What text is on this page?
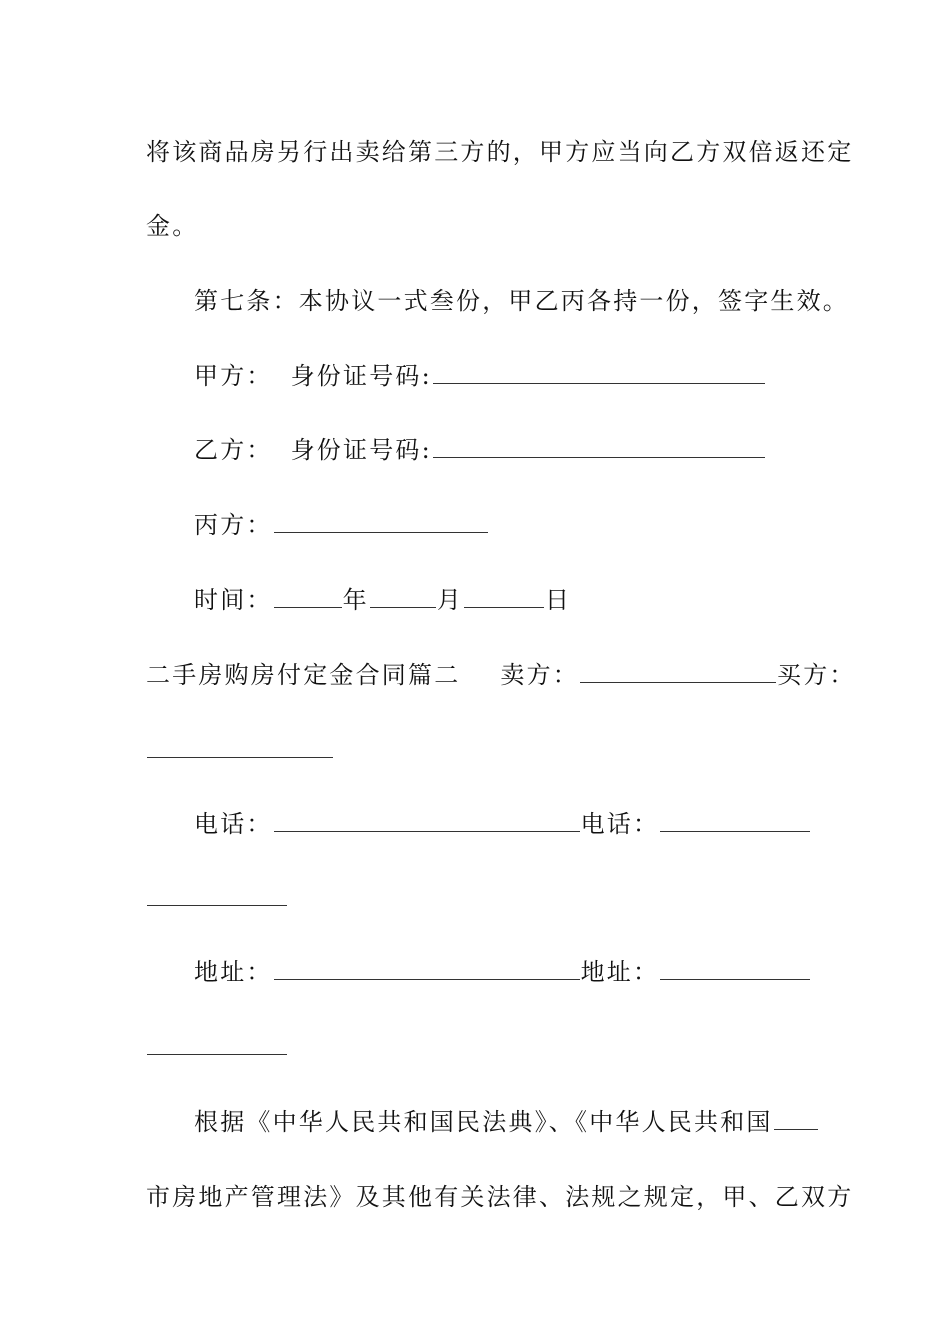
将该商品房另行出卖给第三方的，甲方应当向乙方双倍返还定
金。
第七条：本协议一式叁份，甲乙丙各持一份，签字生效。
甲方： 身份证号码:
乙方： 身份证号码:
丙方：
时间：	年	月	日
二手房购房付定金合同篇二 卖方：	买方：
电话：	电话：
地址：	地址：
根据《中华人民共和国民法典》、《中华人民共和国
市房地产管理法》及其他有关法律、法规之规定，甲、乙双方
